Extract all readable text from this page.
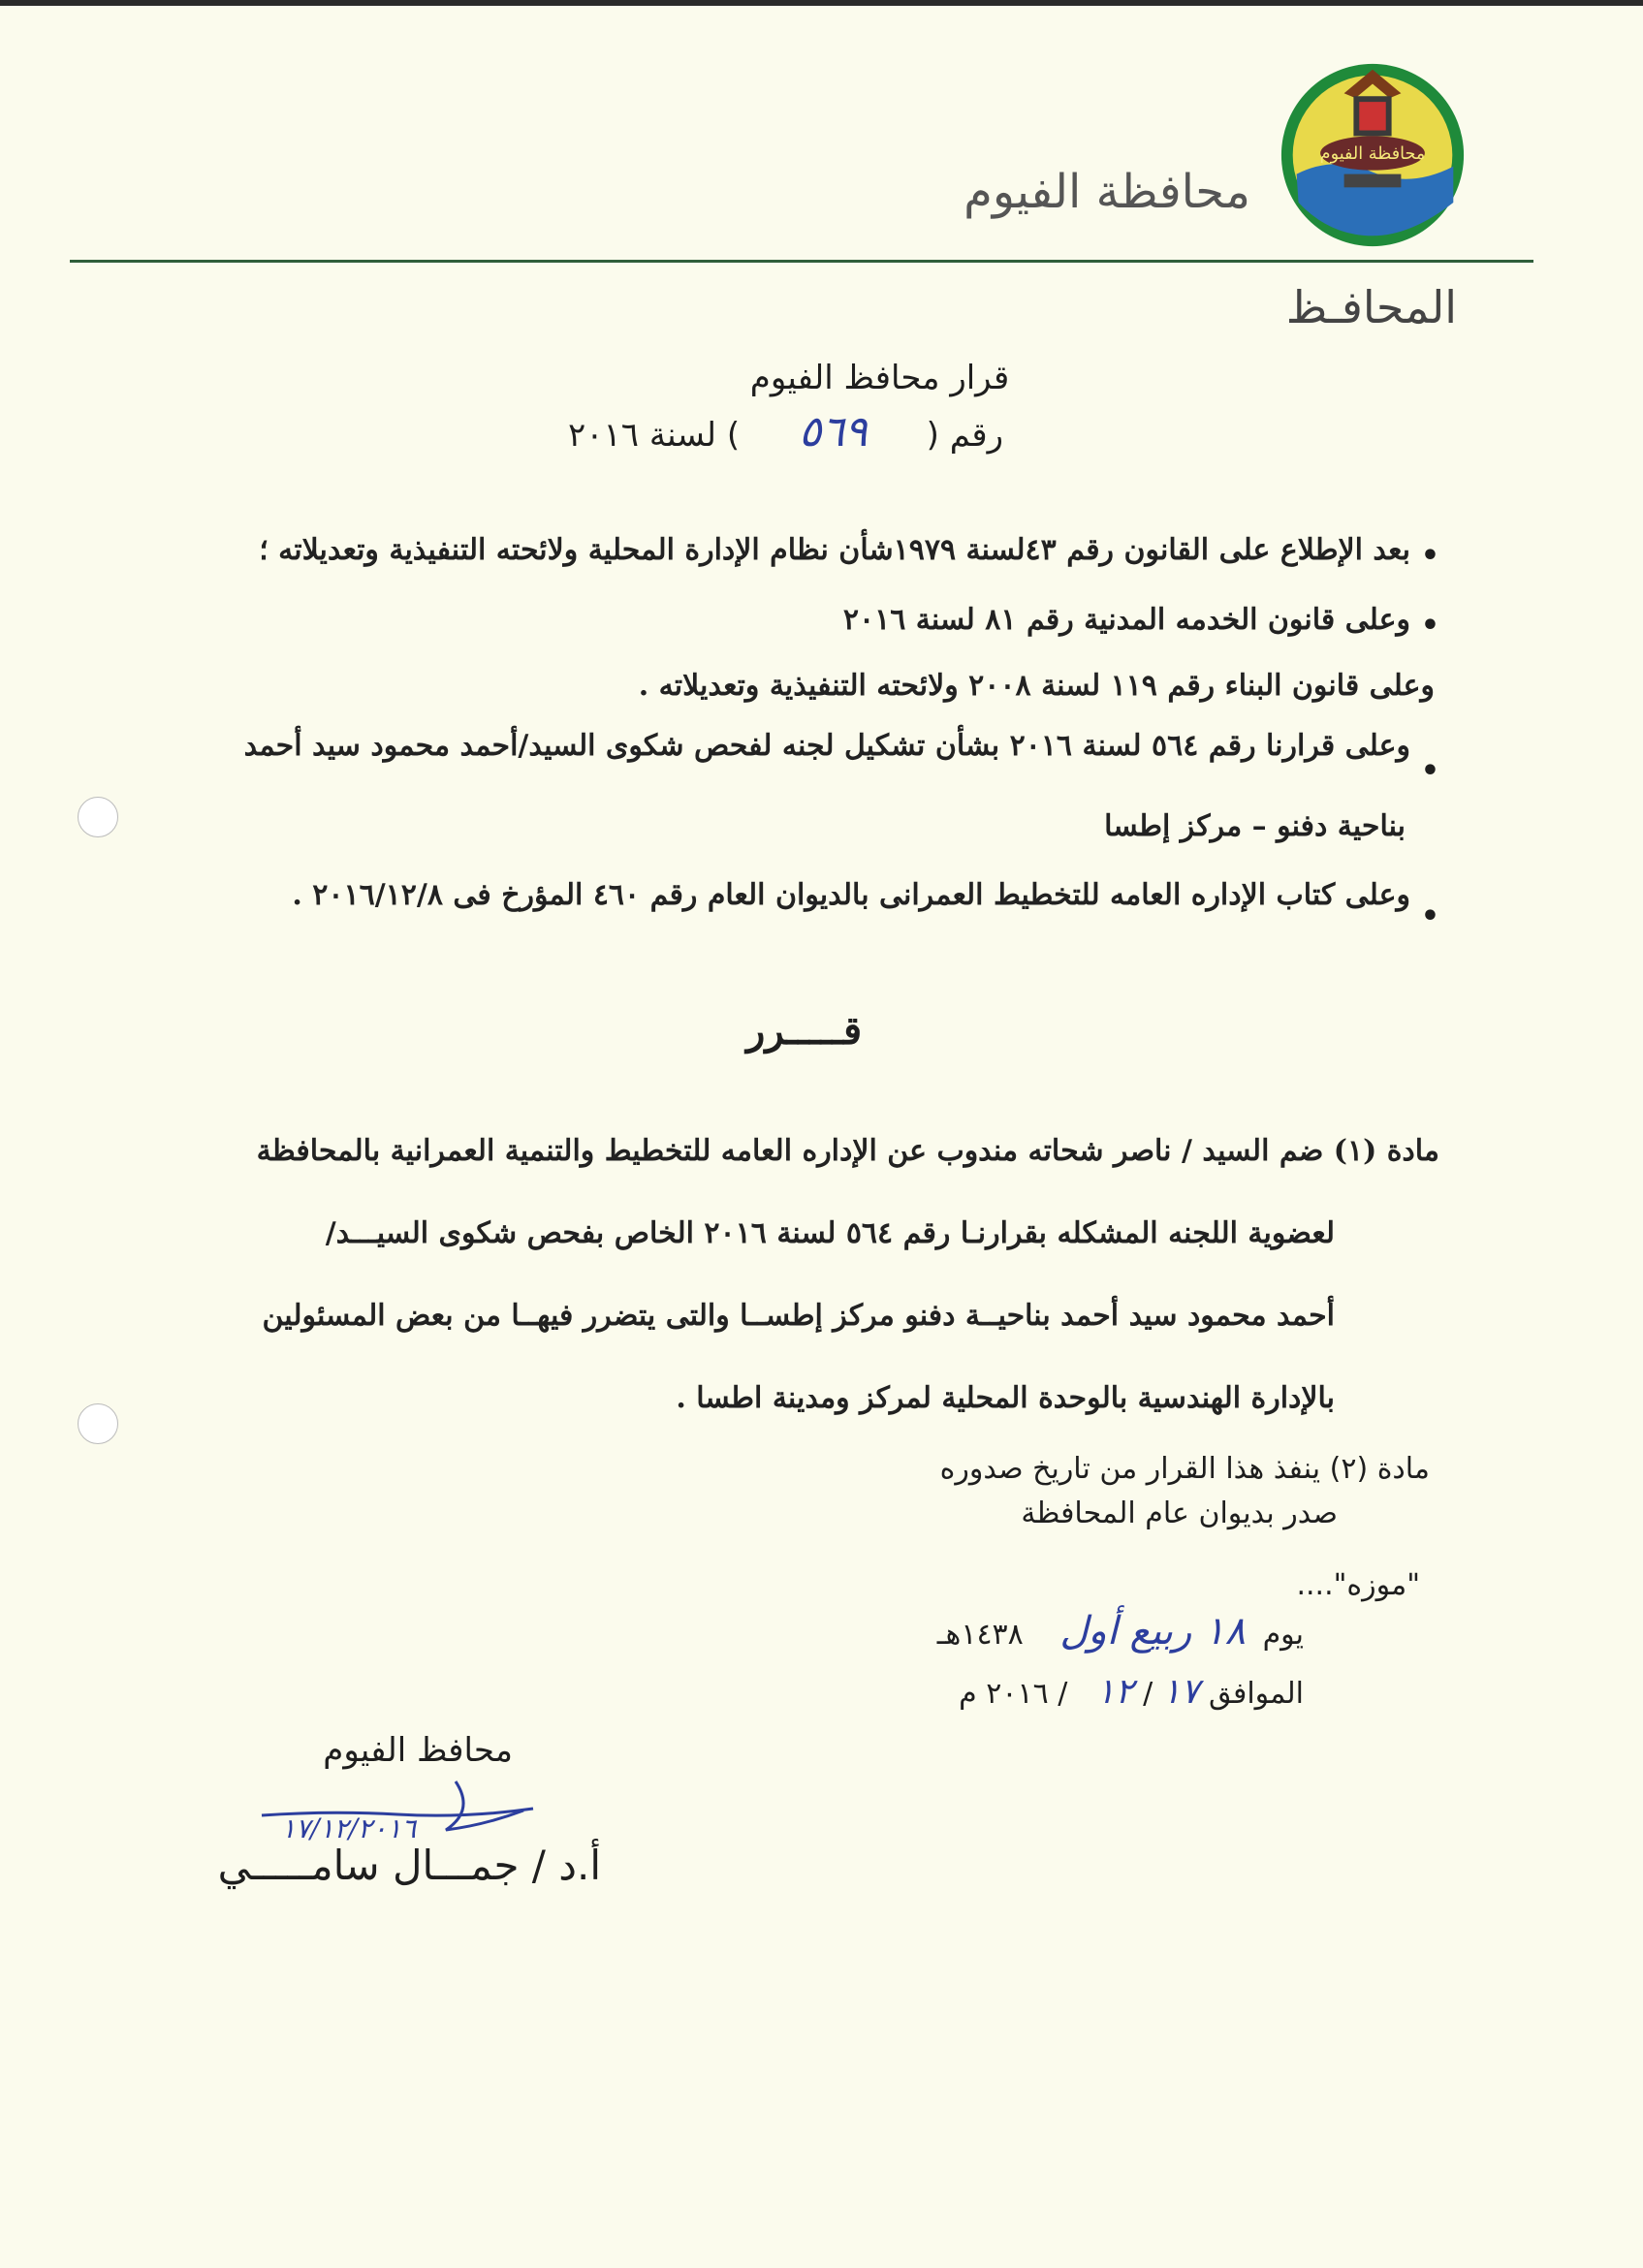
محافظة الفيوم
محافظة الفيوم
المحافـظ
قرار محافظ الفيوم
رقم ( ٥٦٩ ) لسنة ٢٠١٦
•
بعد الإطلاع على القانون رقم ٤٣لسنة ١٩٧٩شأن نظام الإدارة المحلية ولائحته التنفيذية وتعديلاته ؛
•
وعلى قانون الخدمه المدنية رقم ٨١ لسنة ٢٠١٦
وعلى قانون البناء رقم ١١٩ لسنة ٢٠٠٨ ولائحته التنفيذية وتعديلاته .
•
وعلى قرارنا رقم ٥٦٤ لسنة ٢٠١٦ بشأن تشكيل لجنه لفحص شكوى السيد/أحمد محمود سيد أحمد
بناحية دفنو – مركز إطسا
•
وعلى كتاب الإداره العامه للتخطيط العمرانى بالديوان العام رقم ٤٦٠ المؤرخ فى ٢٠١٦/١٢/٨ .
قـــــرر
مادة (١) ضم السيد / ناصر شحاته مندوب عن الإداره العامه للتخطيط والتنمية العمرانية بالمحافظة
لعضوية اللجنه المشكله بقرارنـا رقم ٥٦٤ لسنة ٢٠١٦ الخاص بفحص شكوى السيـــد/
أحمد محمود سيد أحمد بناحيــة دفنو مركز إطســا والتى يتضرر فيهــا من بعض المسئولين
بالإدارة الهندسية بالوحدة المحلية لمركز ومدينة اطسا .
مادة (٢) ينفذ هذا القرار من تاريخ صدوره
صدر بديوان عام المحافظة
"موزه"....
يوم ١٨ ربيع أول ١٤٣٨هـ
الموافق ١٧ / ١٢ / ٢٠١٦ م
محافظ الفيوم
١٧/١٢/٢٠١٦
أ.د / جمـــال سامـــــي
